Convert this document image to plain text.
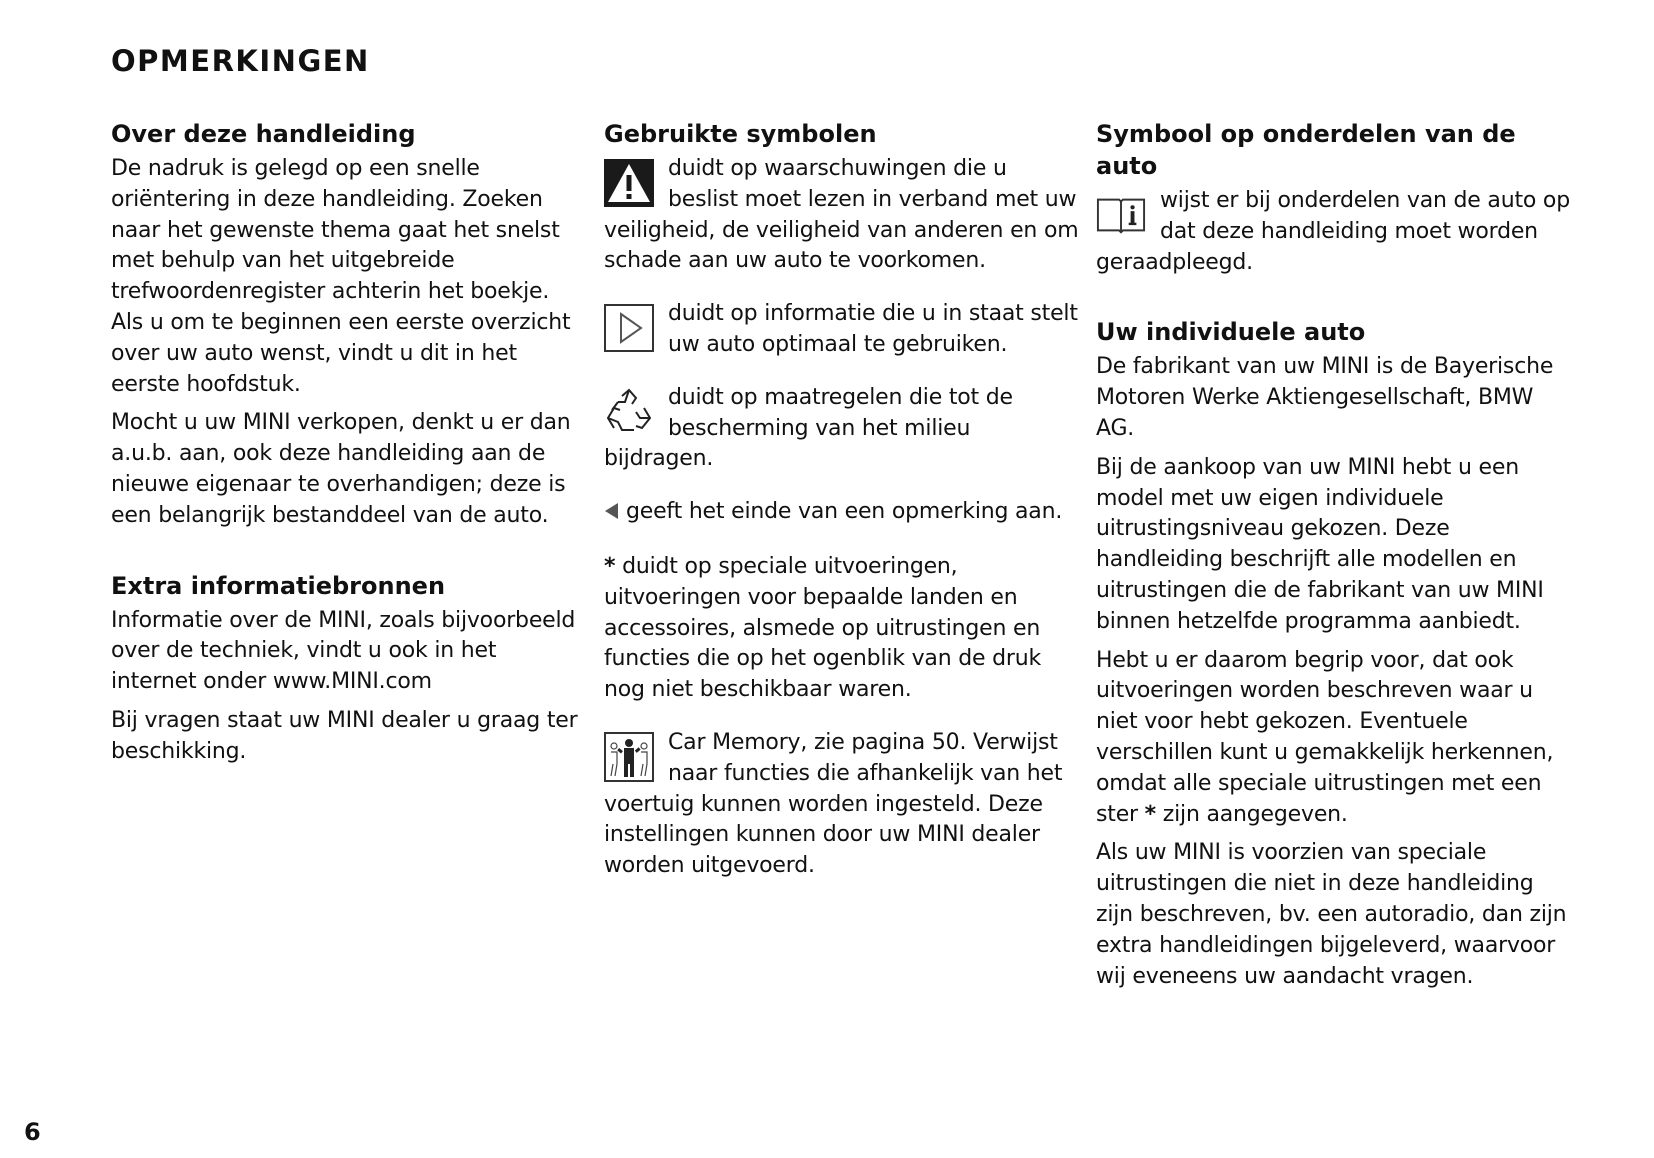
OPMERKINGEN
Over deze handleiding

De nadruk is gelegd op een snelle oriëntering in deze handleiding. Zoeken naar het gewenste thema gaat het snelst met behulp van het uitgebreide trefwoordenregister achterin het boekje. Als u om te beginnen een eerste overzicht over uw auto wenst, vindt u dit in het eerste hoofdstuk.

Mocht u uw MINI verkopen, denkt u er dan a.u.b. aan, ook deze handleiding aan de nieuwe eigenaar te overhandigen; deze is een belangrijk bestanddeel van de auto.

Extra informatiebronnen

Informatie over de MINI, zoals bijvoorbeeld over de techniek, vindt u ook in het internet onder www.MINI.com

Bij vragen staat uw MINI dealer u graag ter beschikking.

Gebruikte symbolen

duidt op waarschuwingen die u beslist moet lezen in verband met uw veiligheid, de veiligheid van anderen en om schade aan uw auto te voorkomen.

duidt op informatie die u in staat stelt uw auto optimaal te gebruiken.

duidt op maatregelen die tot de bescherming van het milieu bijdragen.

geeft het einde van een opmerking aan.

* duidt op speciale uitvoeringen, uitvoeringen voor bepaalde landen en accessoires, alsmede op uitrustingen en functies die op het ogenblik van de druk nog niet beschikbaar waren.

Car Memory, zie pagina 50. Verwijst naar functies die afhankelijk van het voertuig kunnen worden ingesteld. Deze instellingen kunnen door uw MINI dealer worden uitgevoerd.

Symbool op onderdelen van de auto

wijst er bij onderdelen van de auto op dat deze handleiding moet worden geraadpleegd.

Uw individuele auto

De fabrikant van uw MINI is de Bayerische Motoren Werke Aktiengesellschaft, BMW AG.

Bij de aankoop van uw MINI hebt u een model met uw eigen individuele uitrustingsniveau gekozen. Deze handleiding beschrijft alle modellen en uitrustingen die de fabrikant van uw MINI binnen hetzelfde programma aanbiedt.

Hebt u er daarom begrip voor, dat ook uitvoeringen worden beschreven waar u niet voor hebt gekozen. Eventuele verschillen kunt u gemakkelijk herkennen, omdat alle speciale uitrustingen met een ster * zijn aangegeven.

Als uw MINI is voorzien van speciale uitrustingen die niet in deze handleiding zijn beschreven, bv. een autoradio, dan zijn extra handleidingen bijgeleverd, waarvoor wij eveneens uw aandacht vragen.

6
